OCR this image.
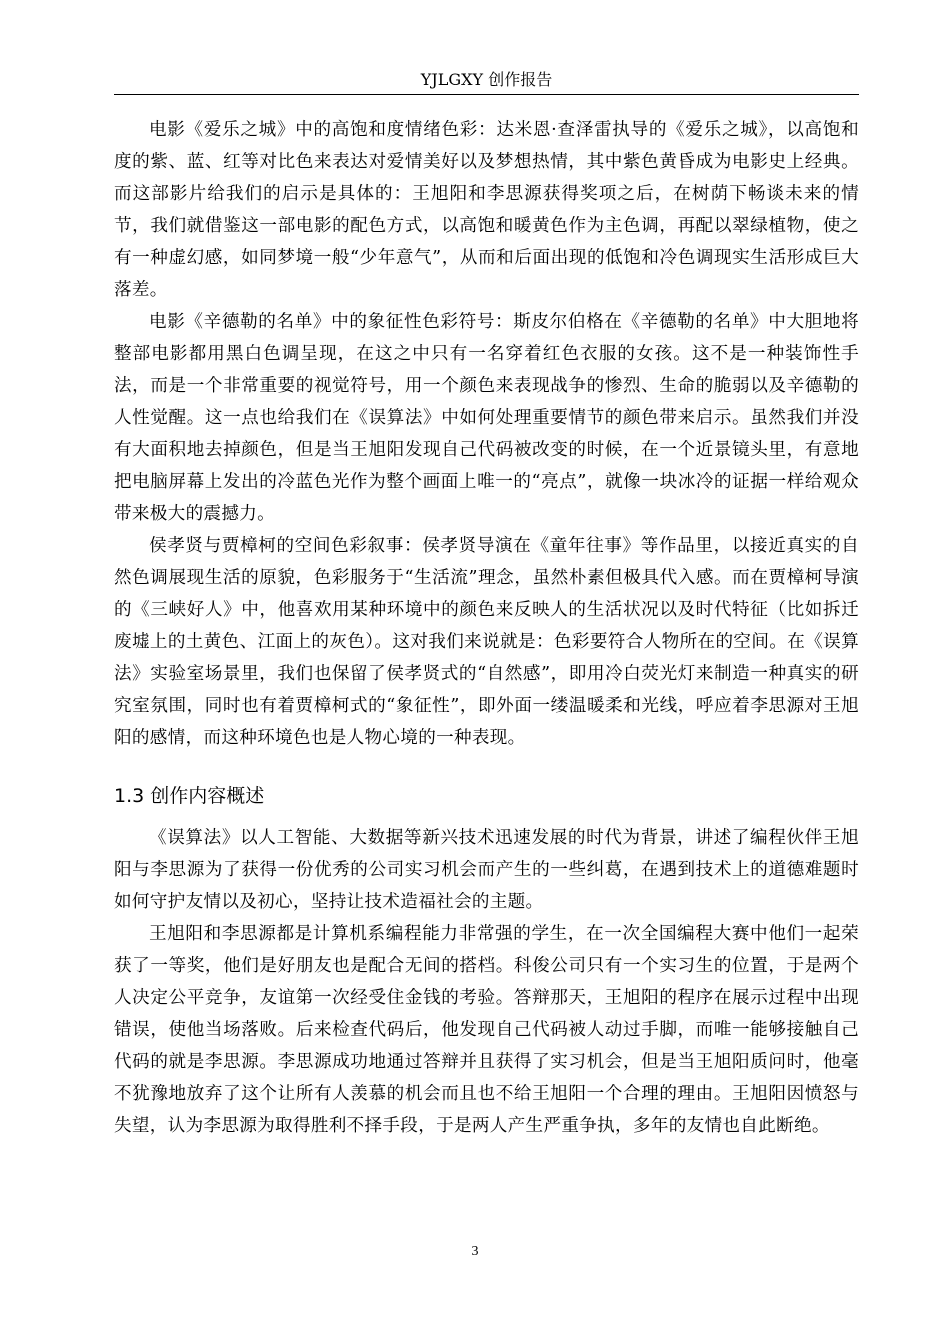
YJLGXY 创作报告

电影《爱乐之城》中的高饱和度情绪色彩：达米恩·查泽雷执导的《爱乐之城》，以高饱和度的紫、蓝、红等对比色来表达对爱情美好以及梦想热情，其中紫色黄昏成为电影史上经典。而这部影片给我们的启示是具体的：王旭阳和李思源获得奖项之后，在树荫下畅谈未来的情节，我们就借鉴这一部电影的配色方式，以高饱和暖黄色作为主色调，再配以翠绿植物，使之有一种虚幻感，如同梦境一般“少年意气”，从而和后面出现的低饱和冷色调现实生活形成巨大落差。

电影《辛德勒的名单》中的象征性色彩符号：斯皮尔伯格在《辛德勒的名单》中大胆地将整部电影都用黑白色调呈现，在这之中只有一名穿着红色衣服的女孩。这不是一种装饰性手法，而是一个非常重要的视觉符号，用一个颜色来表现战争的惨烈、生命的脆弱以及辛德勒的人性觉醒。这一点也给我们在《误算法》中如何处理重要情节的颜色带来启示。虽然我们并没有大面积地去掉颜色，但是当王旭阳发现自己代码被改变的时候，在一个近景镜头里，有意地把电脑屏幕上发出的冷蓝色光作为整个画面上唯一的“亮点”，就像一块冰冷的证据一样给观众带来极大的震撼力。

侯孝贤与贾樟柯的空间色彩叙事：侯孝贤导演在《童年往事》等作品里，以接近真实的自然色调展现生活的原貌，色彩服务于“生活流”理念，虽然朴素但极具代入感。而在贾樟柯导演的《三峡好人》中，他喜欢用某种环境中的颜色来反映人的生活状况以及时代特征（比如拆迁废墟上的土黄色、江面上的灰色）。这对我们来说就是：色彩要符合人物所在的空间。在《误算法》实验室场景里，我们也保留了侯孝贤式的“自然感”，即用冷白荧光灯来制造一种真实的研究室氛围，同时也有着贾樟柯式的“象征性”，即外面一缕温暖柔和光线，呼应着李思源对王旭阳的感情，而这种环境色也是人物心境的一种表现。

1.3 创作内容概述

《误算法》以人工智能、大数据等新兴技术迅速发展的时代为背景，讲述了编程伙伴王旭阳与李思源为了获得一份优秀的公司实习机会而产生的一些纠葛，在遇到技术上的道德难题时如何守护友情以及初心，坚持让技术造福社会的主题。

王旭阳和李思源都是计算机系编程能力非常强的学生，在一次全国编程大赛中他们一起荣获了一等奖，他们是好朋友也是配合无间的搭档。科俊公司只有一个实习生的位置，于是两个人决定公平竞争，友谊第一次经受住金钱的考验。答辩那天，王旭阳的程序在展示过程中出现错误，使他当场落败。后来检查代码后，他发现自己代码被人动过手脚，而唯一能够接触自己代码的就是李思源。李思源成功地通过答辩并且获得了实习机会，但是当王旭阳质问时，他毫不犹豫地放弃了这个让所有人羡慕的机会而且也不给王旭阳一个合理的理由。王旭阳因愤怒与失望，认为李思源为取得胜利不择手段，于是两人产生严重争执，多年的友情也自此断绝。

3
